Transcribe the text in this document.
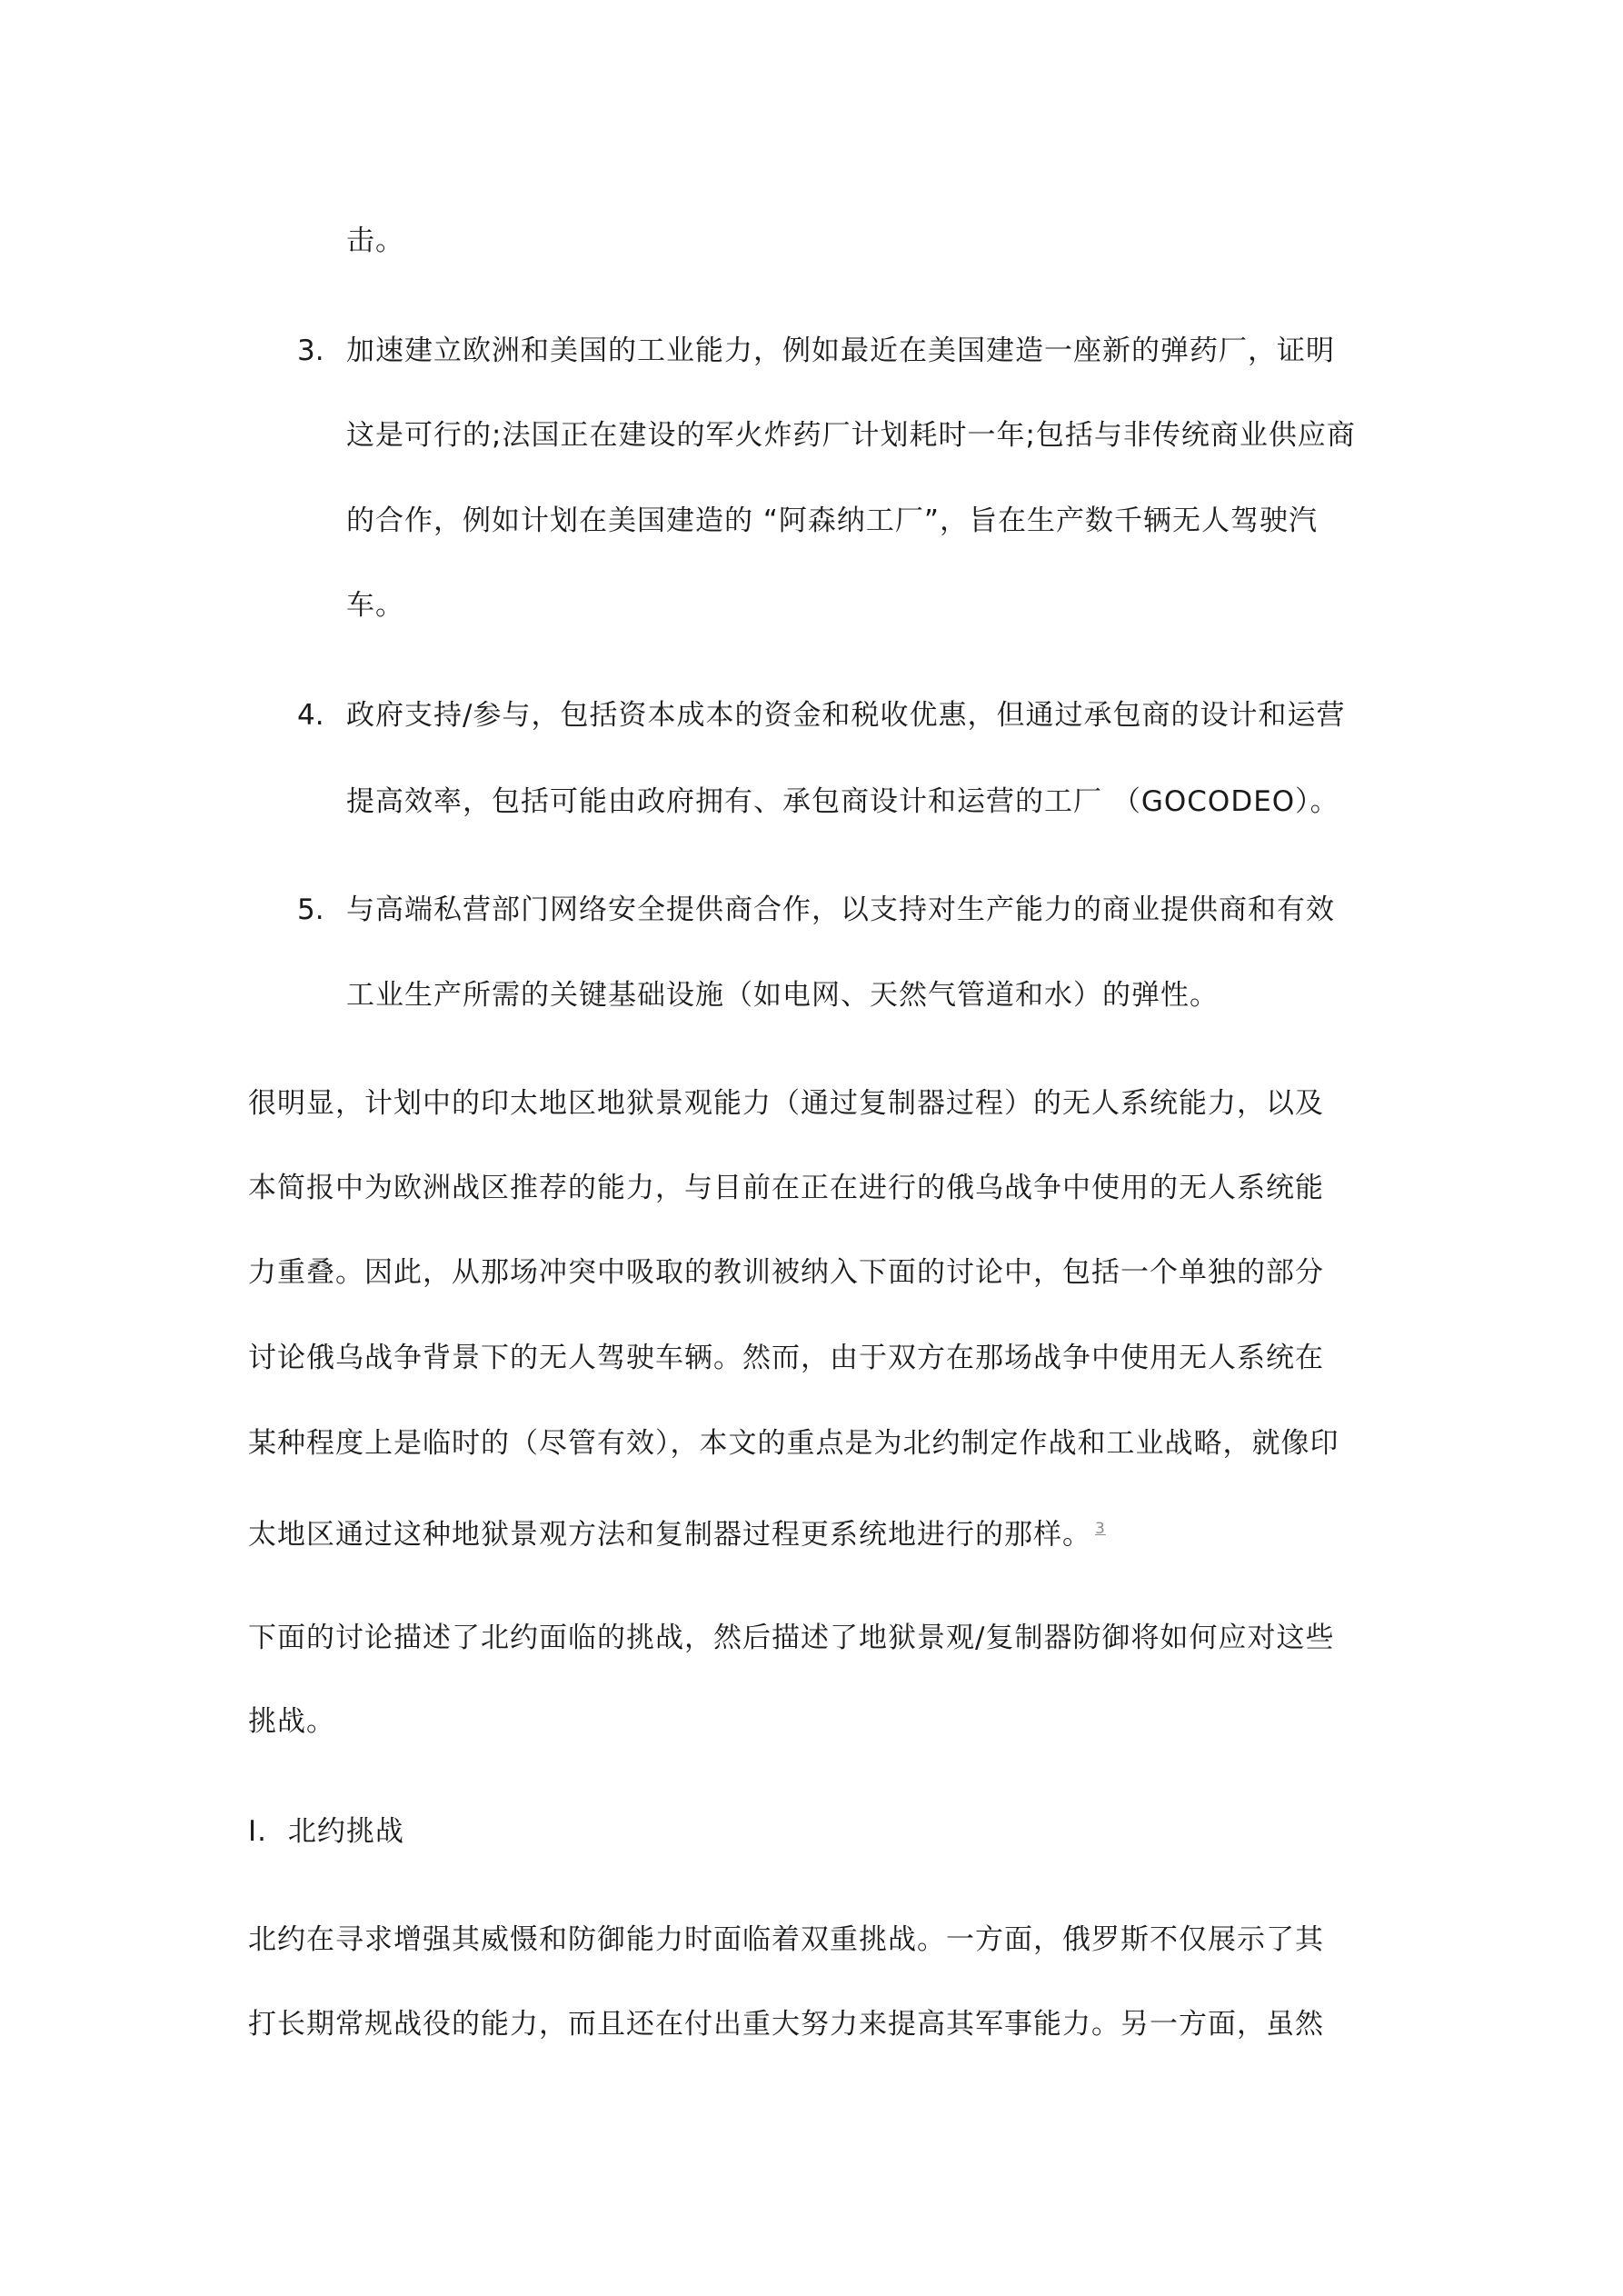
击。
3. 加速建立欧洲和美国的工业能力，例如最近在美国建造一座新的弹药厂，证明
这是可行的;法国正在建设的军火炸药厂计划耗时一年;包括与非传统商业供应商
的合作，例如计划在美国建造的 “阿森纳工厂”，旨在生产数千辆无人驾驶汽
车。
4. 政府支持/参与，包括资本成本的资金和税收优惠，但通过承包商的设计和运营
提高效率，包括可能由政府拥有、承包商设计和运营的工厂 （GOCODEO）。
5. 与高端私营部门网络安全提供商合作，以支持对生产能力的商业提供商和有效
工业生产所需的关键基础设施（如电网、天然气管道和水）的弹性。
很明显，计划中的印太地区地狱景观能力（通过复制器过程）的无人系统能力，以及
本简报中为欧洲战区推荐的能力，与目前在正在进行的俄乌战争中使用的无人系统能
力重叠。因此，从那场冲突中吸取的教训被纳入下面的讨论中，包括一个单独的部分
讨论俄乌战争背景下的无人驾驶车辆。然而，由于双方在那场战争中使用无人系统在
某种程度上是临时的（尽管有效），本文的重点是为北约制定作战和工业战略，就像印
太地区通过这种地狱景观方法和复制器过程更系统地进行的那样。 $^3$
下面的讨论描述了北约面临的挑战，然后描述了地狱景观/复制器防御将如何应对这些
挑战。
I. 北约挑战
北约在寻求增强其威慑和防御能力时面临着双重挑战。一方面，俄罗斯不仅展示了其
打长期常规战役的能力，而且还在付出重大努力来提高其军事能力。另一方面，虽然
